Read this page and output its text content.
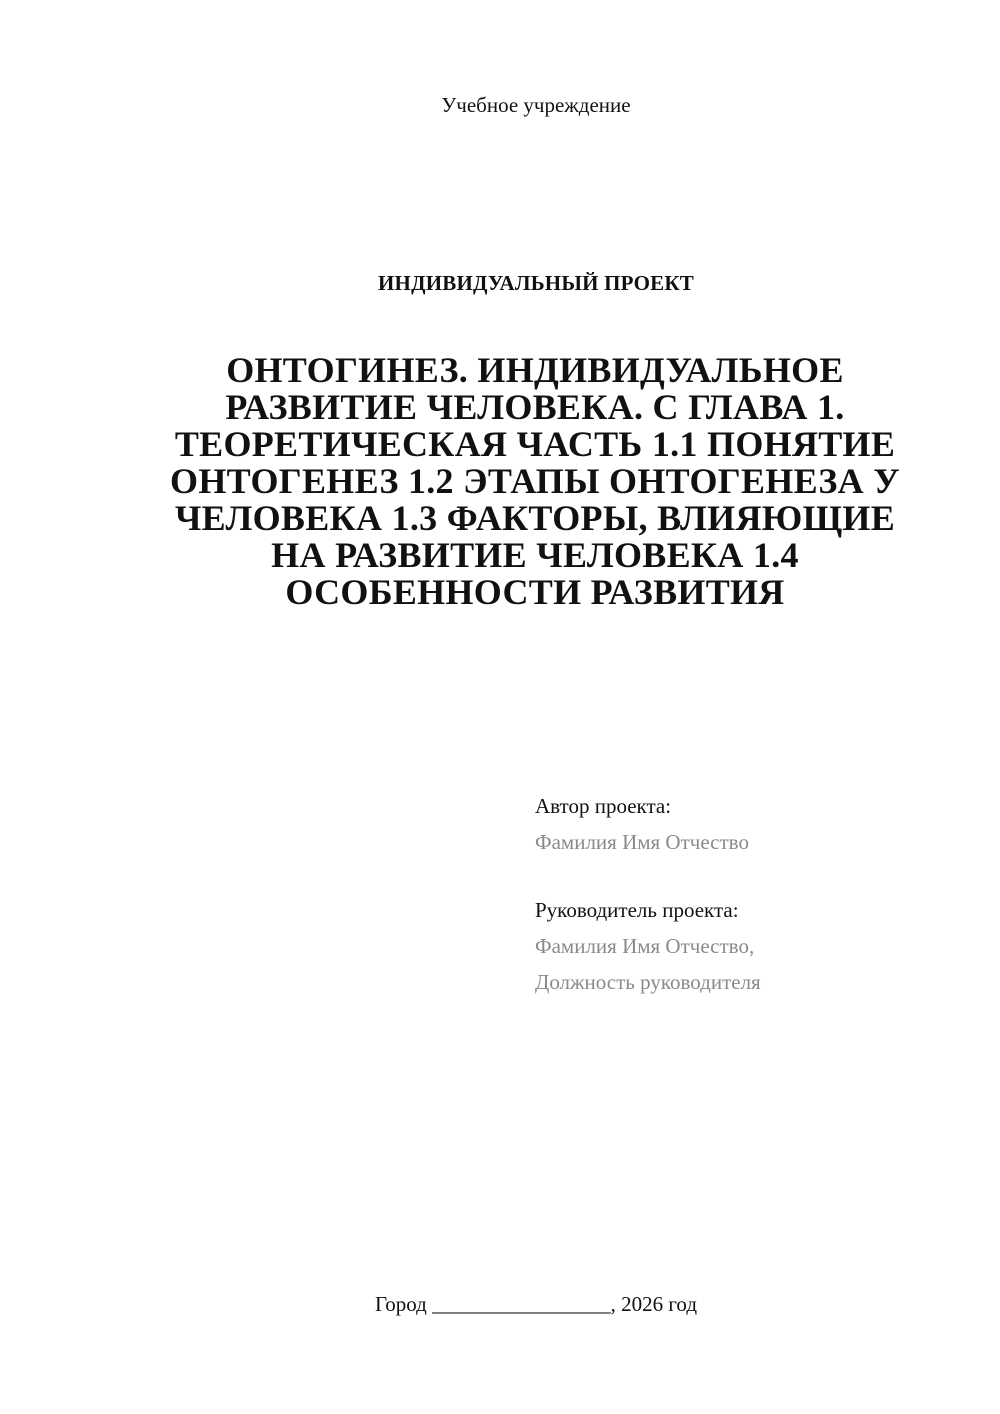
Учебное учреждение
ИНДИВИДУАЛЬНЫЙ ПРОЕКТ
ОНТОГИНЕЗ. ИНДИВИДУАЛЬНОЕ
РАЗВИТИЕ ЧЕЛОВЕКА. С ГЛАВА 1.
ТЕОРЕТИЧЕСКАЯ ЧАСТЬ 1.1 ПОНЯТИЕ
ОНТОГЕНЕЗ 1.2 ЭТАПЫ ОНТОГЕНЕЗА У
ЧЕЛОВЕКА 1.3 ФАКТОРЫ, ВЛИЯЮЩИЕ
НА РАЗВИТИЕ ЧЕЛОВЕКА 1.4
ОСОБЕННОСТИ РАЗВИТИЯ
Автор проекта:
Фамилия Имя Отчество
Руководитель проекта:
Фамилия Имя Отчество,
Должность руководителя
Город _________________, 2026 год
